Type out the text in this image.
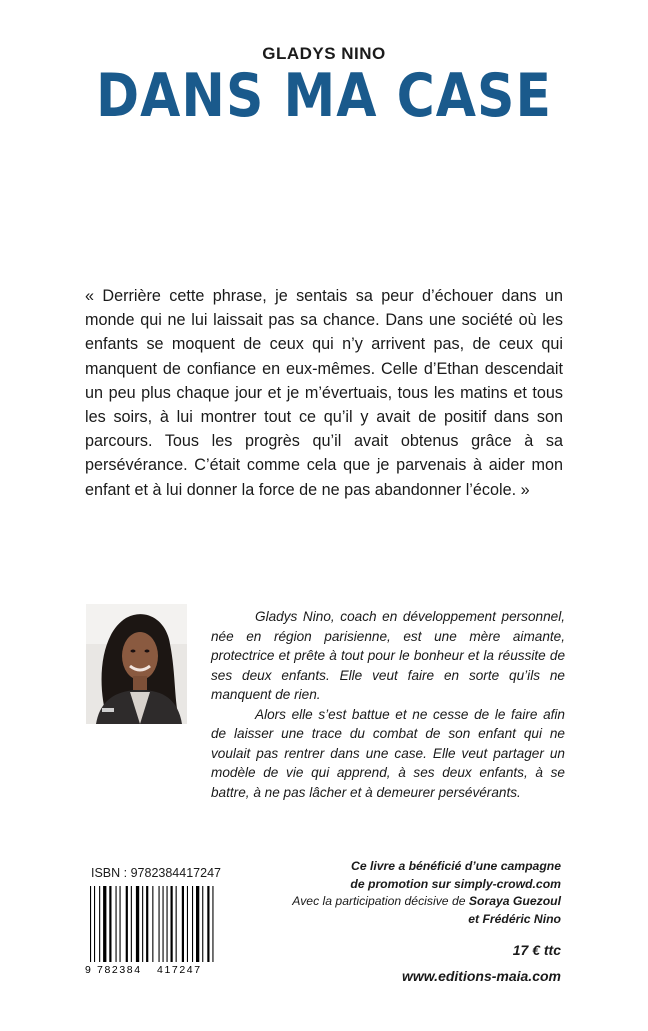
GLADYS NINO
DANS MA CASE
« Derrière cette phrase, je sentais sa peur d’échouer dans un monde qui ne lui laissait pas sa chance. Dans une société où les enfants se moquent de ceux qui n’y arrivent pas, de ceux qui manquent de confiance en eux-mêmes. Celle d’Ethan descendait un peu plus chaque jour et je m’évertuais, tous les matins et tous les soirs, à lui montrer tout ce qu’il y avait de positif dans son parcours. Tous les progrès qu’il avait obtenus grâce à sa persévérance. C’était comme cela que je parvenais à aider mon enfant et à lui donner la force de ne pas abandonner l’école. »

Gladys Nino, coach en développement personnel, née en région parisienne, est une mère aimante, protectrice et prête à tout pour le bonheur et la réussite de ses deux enfants. Elle veut faire en sorte qu’ils ne manquent de rien.

Alors elle s’est battue et ne cesse de le faire afin de laisser une trace du combat de son enfant qui ne voulait pas rentrer dans une case. Elle veut partager un modèle de vie qui apprend, à ses deux enfants, à se battre, à ne pas lâcher et à demeurer persévérants.

ISBN : 9782384417247
9 782384 417247
Ce livre a bénéficié d’une campagne
de promotion sur simply-crowd.com
Avec la participation décisive de Soraya Guezoul
et Frédéric Nino
17 € ttc
www.editions-maia.com
